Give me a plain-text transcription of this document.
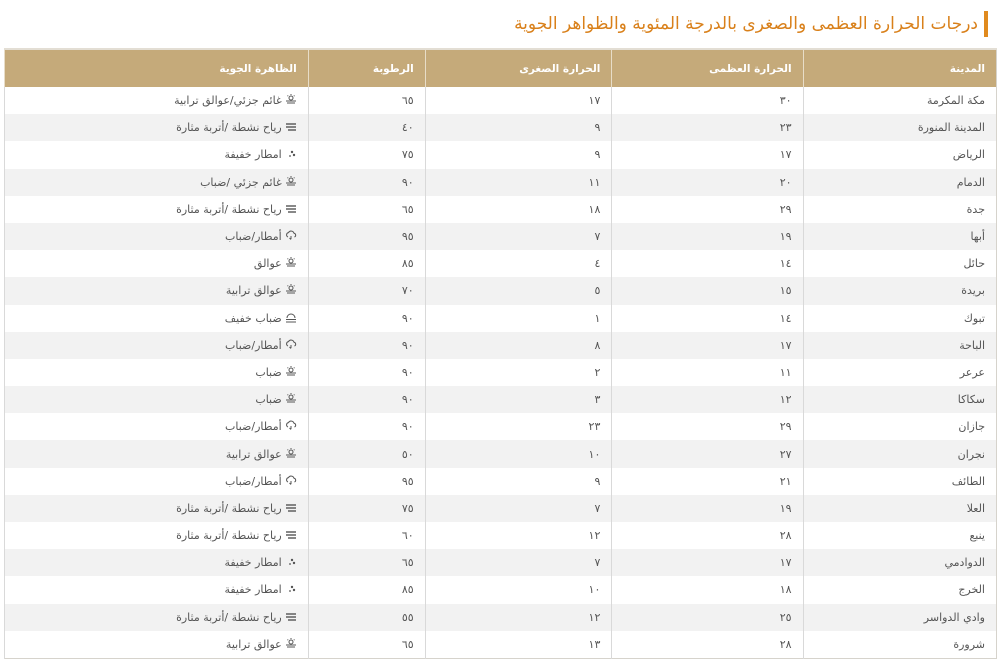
درجات الحرارة العظمى والصغرى بالدرجة المئوية والظواهر الجوية
المدينة	الحرارة العظمى	الحرارة الصغرى	الرطوبة	الظاهرة الجوية
مكة المكرمة	٣٠	١٧	٦٥	غائم جزئي/عوالق ترابية
المدينة المنورة	٢٣	٩	٤٠	رياح نشطة /أتربة مثارة
الرياض	١٧	٩	٧٥	امطار خفيفة
الدمام	٢٠	١١	٩٠	غائم جزئي /ضباب
جدة	٢٩	١٨	٦٥	رياح نشطة /أتربة مثارة
أبها	١٩	٧	٩٥	أمطار/ضباب
حائل	١٤	٤	٨٥	عوالق
بريدة	١٥	٥	٧٠	عوالق ترابية
تبوك	١٤	١	٩٠	ضباب خفيف
الباحة	١٧	٨	٩٠	أمطار/ضباب
عرعر	١١	٢	٩٠	ضباب
سكاكا	١٢	٣	٩٠	ضباب
جازان	٢٩	٢٣	٩٠	أمطار/ضباب
نجران	٢٧	١٠	٥٠	عوالق ترابية
الطائف	٢١	٩	٩٥	أمطار/ضباب
العلا	١٩	٧	٧٥	رياح نشطة /أتربة مثارة
ينبع	٢٨	١٢	٦٠	رياح نشطة /أتربة مثارة
الدوادمي	١٧	٧	٦٥	امطار خفيفة
الخرج	١٨	١٠	٨٥	امطار خفيفة
وادي الدواسر	٢٥	١٢	٥٥	رياح نشطة /أتربة مثارة
شرورة	٢٨	١٣	٦٥	عوالق ترابية
